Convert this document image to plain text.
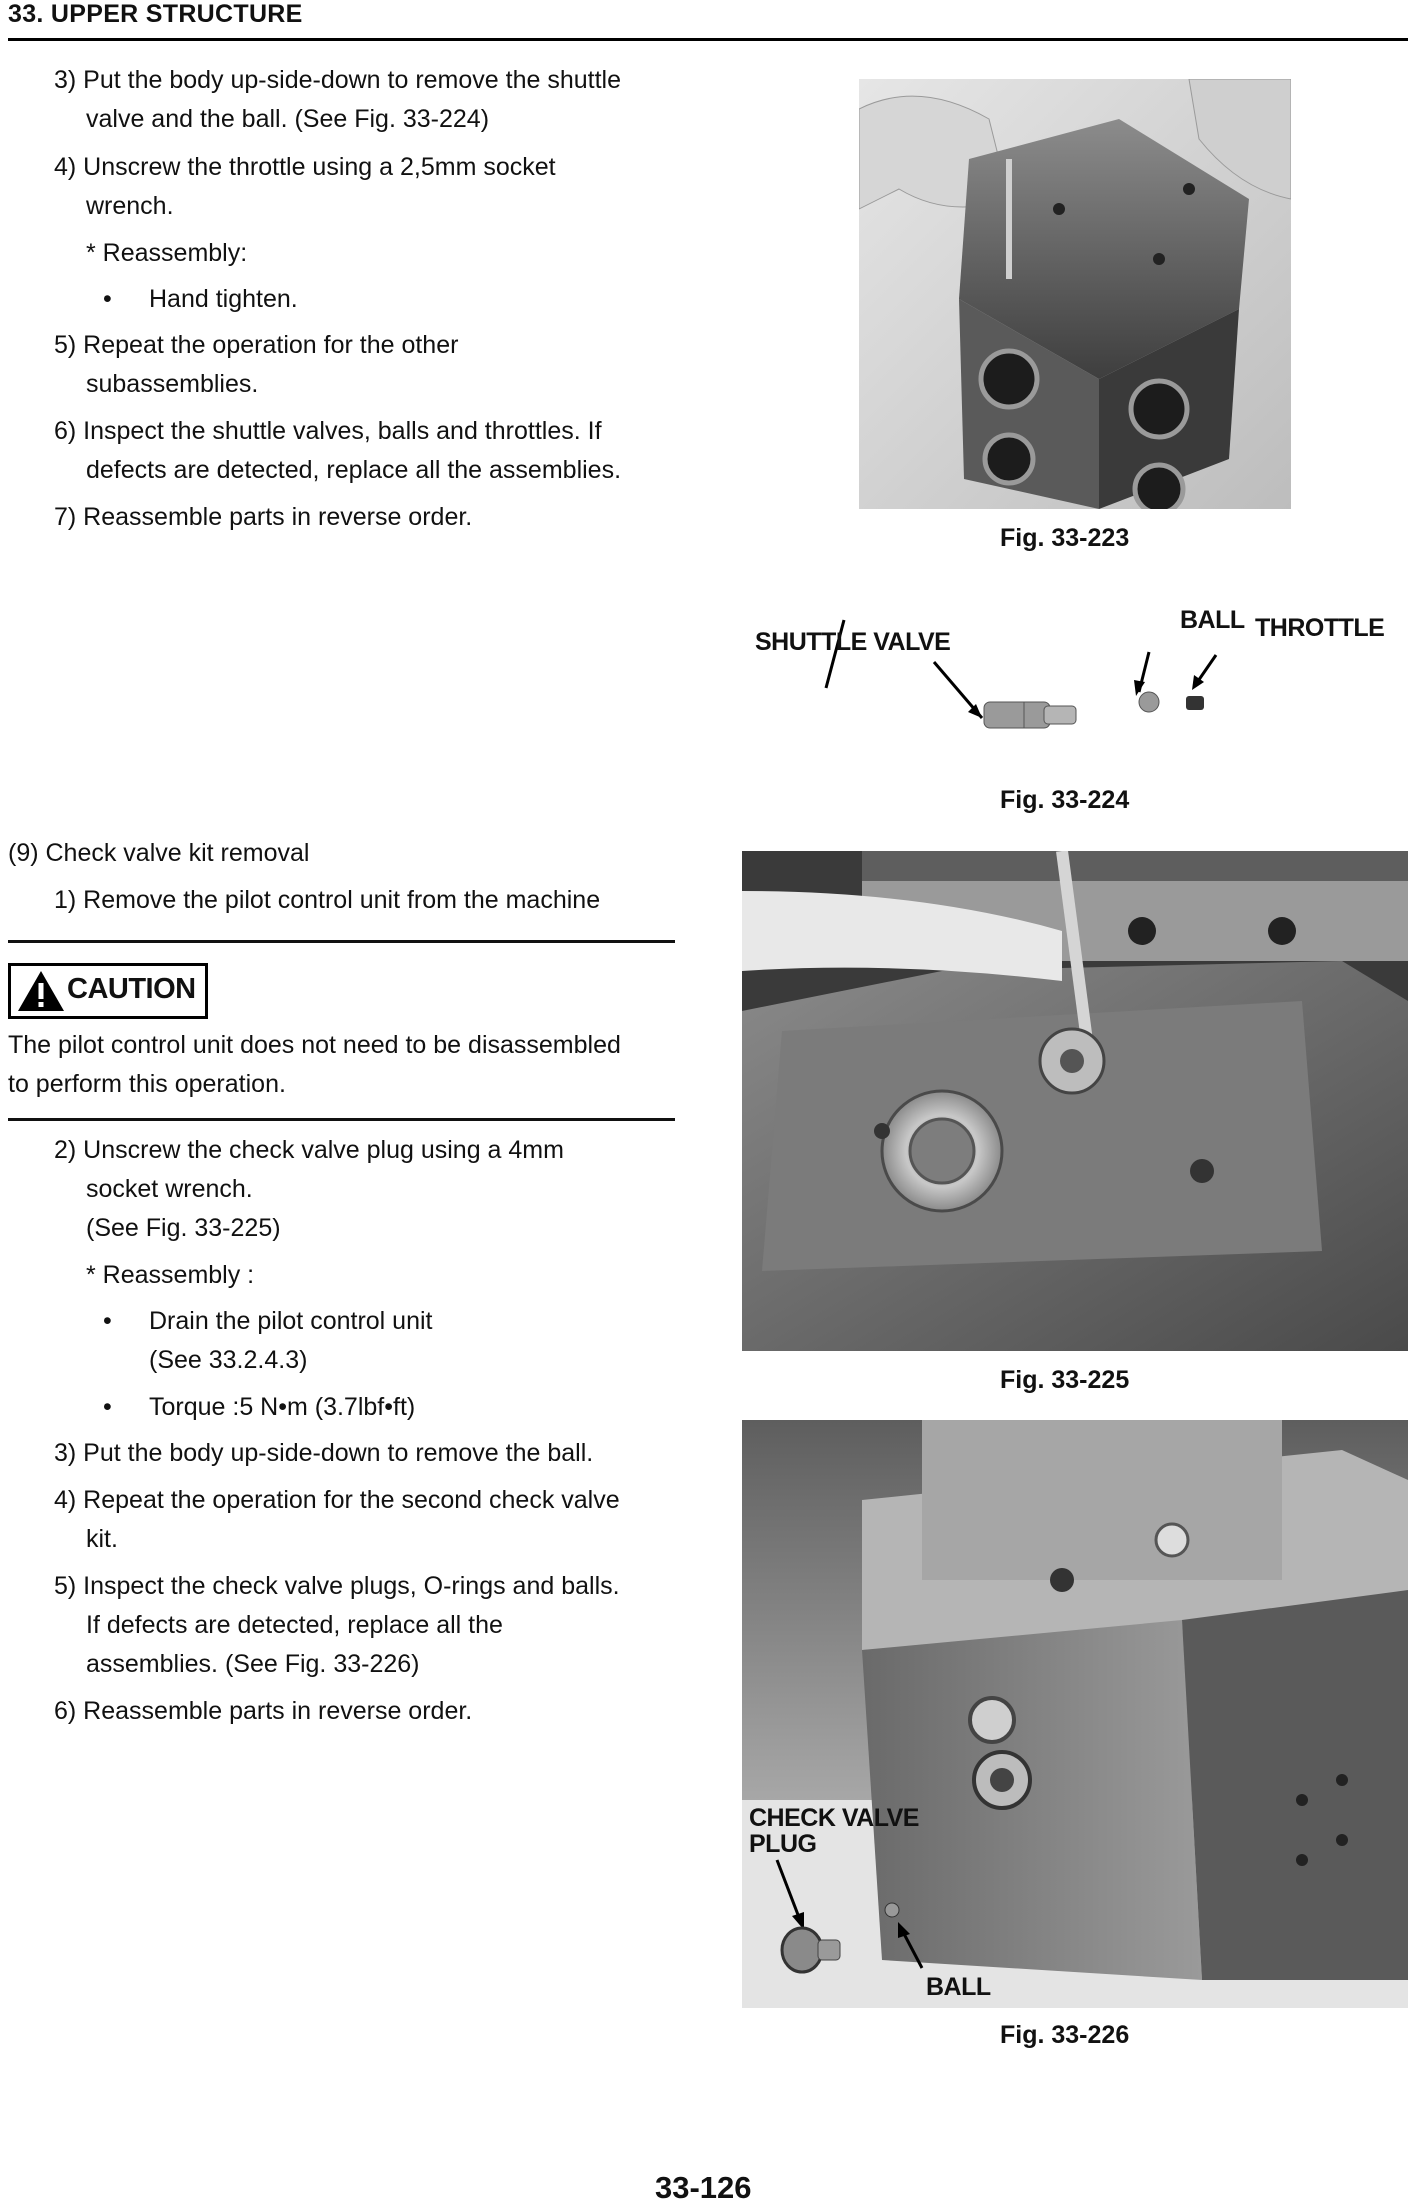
33. UPPER STRUCTURE
3) Put the body up-side-down to remove the shuttle
valve and the ball. (See Fig. 33-224)
4) Unscrew the throttle using a 2,5mm socket
wrench.
* Reassembly:
• Hand tighten.
5) Repeat the operation for the other
subassemblies.
6) Inspect the shuttle valves, balls and throttles. If
defects are detected, replace all the assemblies.
7) Reassemble parts in reverse order.
Fig. 33-223
SHUTTLE VALVE
BALL THROTTLE
Fig. 33-224
(9) Check valve kit removal
1) Remove the pilot control unit from the machine
CAUTION
The pilot control unit does not need to be disassembled
to perform this operation.
2) Unscrew the check valve plug using a 4mm
socket wrench.
(See Fig. 33-225)
* Reassembly :
• Drain the pilot control unit
(See 33.2.4.3)
• Torque :5 N•m (3.7lbf•ft)
3) Put the body up-side-down to remove the ball.
4) Repeat the operation for the second check valve
kit.
5) Inspect the check valve plugs, O-rings and balls.
If defects are detected, replace all the
assemblies. (See Fig. 33-226)
6) Reassemble parts in reverse order.
Fig. 33-225
CHECK VALVE
PLUG
BALL
Fig. 33-226
33-126
